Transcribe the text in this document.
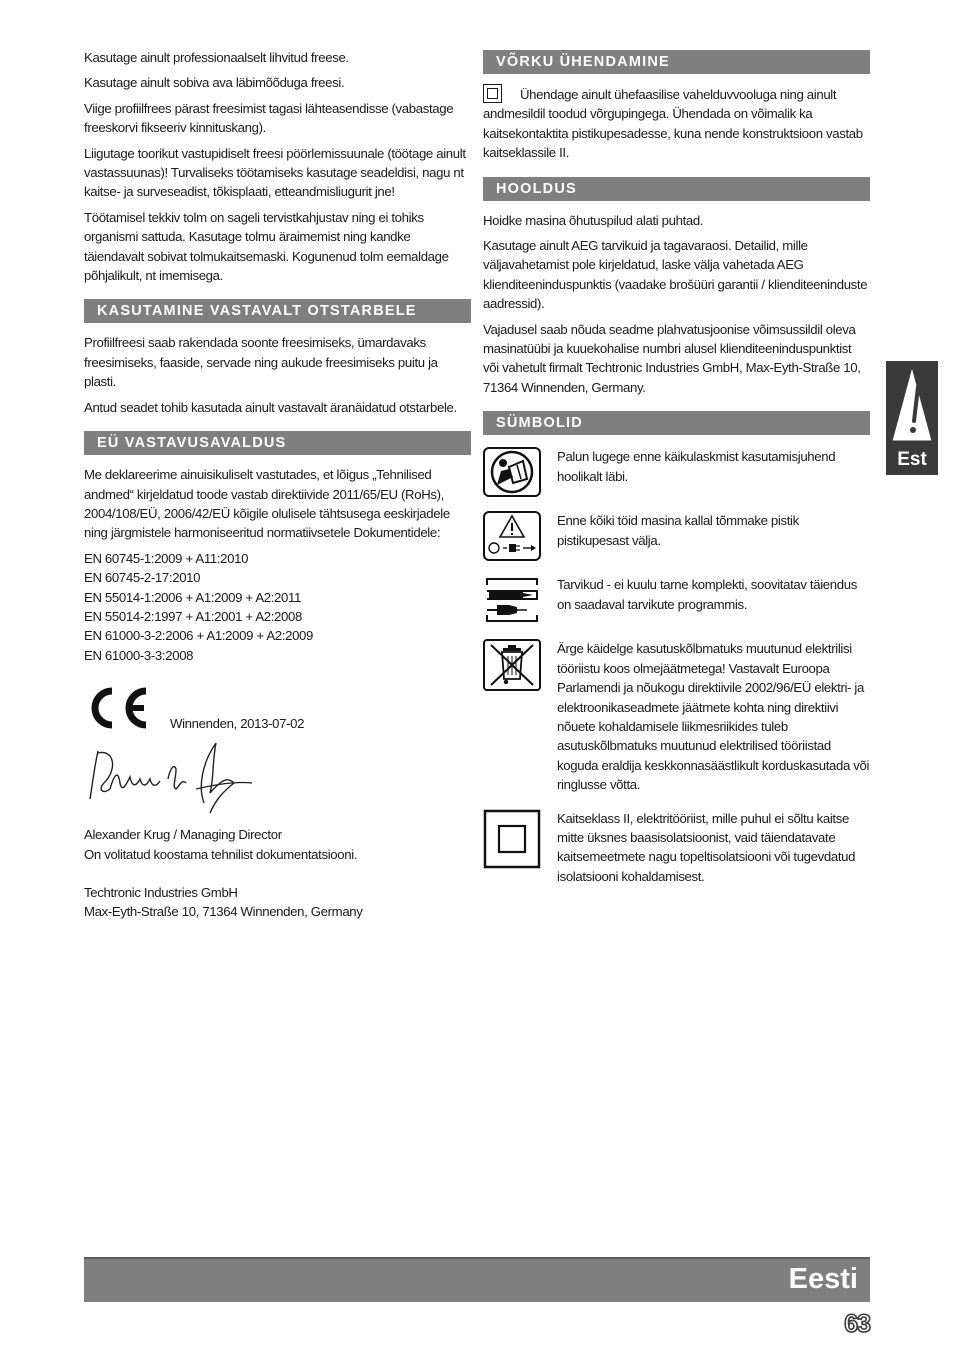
Kasutage ainult professionaalselt lihvitud freese.

Kasutage ainult sobiva ava läbimõõduga freesi.

Viige profiilfrees pärast freesimist tagasi lähteasendisse (vabastage freeskorvi fikseeriv kinnituskang).

Liigutage toorikut vastupidiselt freesi pöörlemissuunale (töötage ainult vastassuunas)! Turvaliseks töötamiseks kasutage seadeldisi, nagu nt kaitse- ja surveseadist, tõkisplaati, etteandmisliugurit jne!

Töötamisel tekkiv tolm on sageli tervistkahjustav ning ei tohiks organismi sattuda. Kasutage tolmu äraimemist ning kandke täiendavalt sobivat tolmukaitsemaski. Kogunenud tolm eemaldage põhjalikult, nt imemisega.

KASUTAMINE VASTAVALT OTSTARBELE

Profiilfreesi saab rakendada soonte freesimiseks, ümardavaks freesimiseks, faaside, servade ning aukude freesimiseks puitu ja plasti.

Antud seadet tohib kasutada ainult vastavalt äranäidatud otstarbele.

EÜ VASTAVUSAVALDUS

Me deklareerime ainuisikuliselt vastutades, et lõigus „Tehnilised andmed“ kirjeldatud toode vastab direktiivide 2011/65/EU (RoHs), 2004/108/EÜ, 2006/42/EÜ kõigile olulisele tähtsusega eeskirjadele ning järgmistele harmoniseeritud normatiivsetele Dokumentidele:

EN 60745-1:2009 + A11:2010
EN 60745-2-17:2010
EN 55014-1:2006 + A1:2009 + A2:2011
EN 55014-2:1997 + A1:2001 + A2:2008
EN 61000-3-2:2006 + A1:2009 + A2:2009
EN 61000-3-3:2008
Winnenden, 2013-07-02
Alexander Krug / Managing Director
On volitatud koostama tehnilist dokumentatsiooni.
Techtronic Industries GmbH
Max-Eyth-Straße 10, 71364 Winnenden, Germany
VÕRKU ÜHENDAMINE

Ühendage ainult ühefaasilise vahelduvvooluga ning ainult andmesildil toodud võrgupingega. Ühendada on võimalik ka kaitsekontaktita pistikupesadesse, kuna nende konstruktsioon vastab kaitseklassile II.

HOOLDUS

Hoidke masina õhutuspilud alati puhtad.

Kasutage ainult AEG tarvikuid ja tagavaraosi. Detailid, mille väljavahetamist pole kirjeldatud, laske välja vahetada AEG klienditeeninduspunktis (vaadake brošüüri garantii / klienditeeninduste aadressid).

Vajadusel saab nõuda seadme plahvatusjoonise võimsussildil oleva masinatüübi ja kuuekohalise numbri alusel klienditeeninduspunktist või vahetult firmalt Techtronic Industries GmbH, Max-Eyth-Straße 10, 71364 Winnenden, Germany.

SÜMBOLID

Palun lugege enne käikulaskmist kasutamisjuhend hoolikalt läbi.

Enne kõiki töid masina kallal tõmmake pistik pistikupesast välja.

Tarvikud - ei kuulu tarne komplekti, soovitatav täiendus on saadaval tarvikute programmis.

Ärge käidelge kasutuskõlbmatuks muutunud elektrilisi tööriistu koos olmejäätmetega! Vastavalt Euroopa Parlamendi ja nõukogu direktiivile 2002/96/EÜ elektri- ja elektroonikaseadmete jäätmete kohta ning direktiivi nõuete kohaldamisele liikmesriikides tuleb asutuskõlbmatuks muutunud elektrilised tööriistad koguda eraldija keskkonnasäästlikult korduskasutada või ringlusse võtta.

Kaitseklass II, elektritööriist, mille puhul ei sõltu kaitse mitte üksnes baasisolatsioonist, vaid täiendatavate kaitsemeetmete nagu topeltisolatsiooni või tugevdatud isolatsiooni kohaldamisest.

Est
Eesti
63
